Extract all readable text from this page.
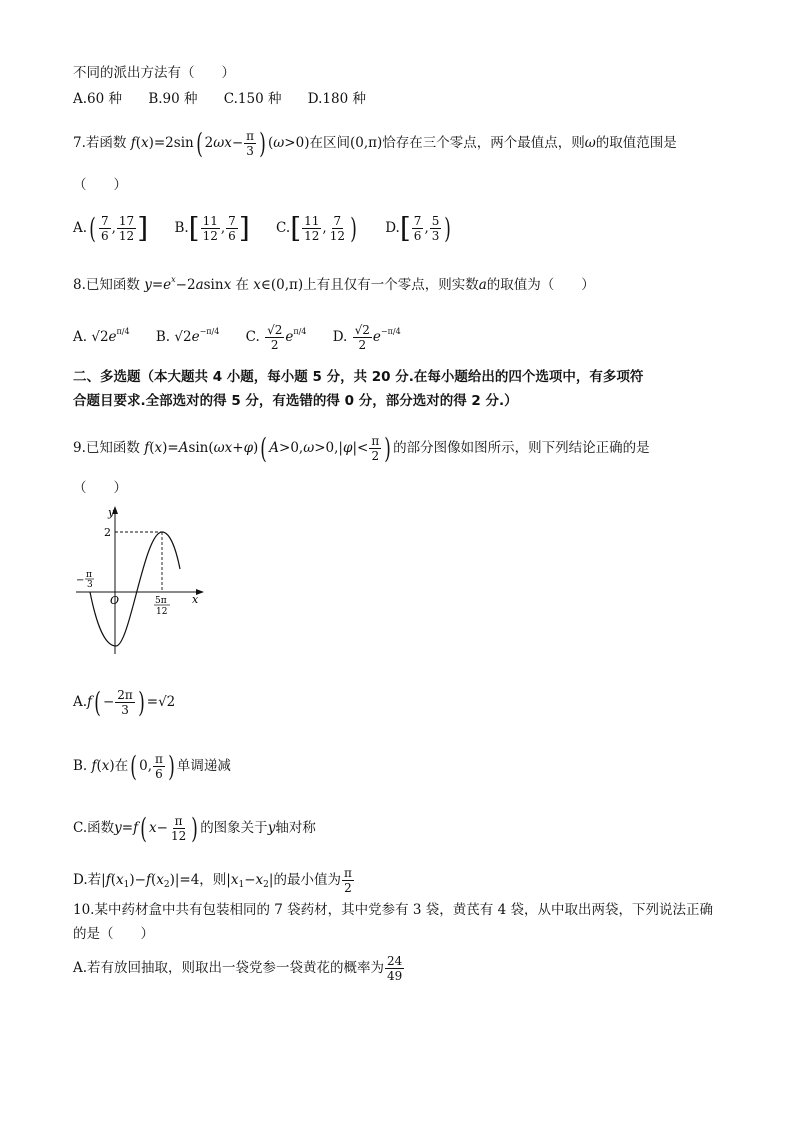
不同的派出方法有（　　）
A.60 种 B.90 种 C.150 种 D.180 种
7.若函数 f(x)=2sin( $2\omega x- \frac{\pi}{3}$ ) (ω>0)在区间(0,π)恰存在三个零点，两个最值点，则ω的取值范围是
（　　）
$A.( \frac{7}{6}$ , $\frac{17}{12}$ ] $B.[ \frac{11}{12}$ , $\frac{7}{6}$ ] $C.[ \frac{11}{12}$ , $\frac{7}{12}$ ) $D.[ \frac{7}{6}$ , $\frac{5}{3}$ )
8.已知函数 $y=e^x-2asinx$ 在 x∈(0,π)上有且仅有一个零点，则实数a的取值为（　　）
A. $√2e^{\pi/4}$ B. $√2e^{-\pi/4}$ C. $\frac{√2}{2} e^{\pi/4}$ D. $\frac{√2}{2} e^{-\pi/4}$
二、多选题（本大题共 4 小题，每小题 5 分，共 20 分.在每小题给出的四个选项中，有多项符
合题目要求.全部选对的得 5 分，有选错的得 0 分，部分选对的得 2 分.）
9.已知函数 f(x)=Asin(ωx+φ)( $A>0,\omega>0,|\varphi|< \frac{\pi}{2}$ ) 的部分图像如图所示，则下列结论正确的是
（　　）
y
x
O
2
− π
3
5π
12
$A.f( - \frac{2\pi}{3}$ ) =√2
B. f(x)在( 0, $\frac{\pi}{6}$ ) 单调递减
C.函数y=f( $x- \frac{\pi}{12}$ ) 的图象关于y轴对称
D.若$|f(x_1)-f(x_2)|=4$，则$|x_1-x_2|$的最小值为 $\frac{\pi}{2}$
10.某中药材盒中共有包装相同的 7 袋药材，其中党参有 3 袋，黄芪有 4 袋，从中取出两袋，下列说法正确
的是（　　）
A.若有放回抽取，则取出一袋党参一袋黄花的概率为 $\frac{24}{49}$
